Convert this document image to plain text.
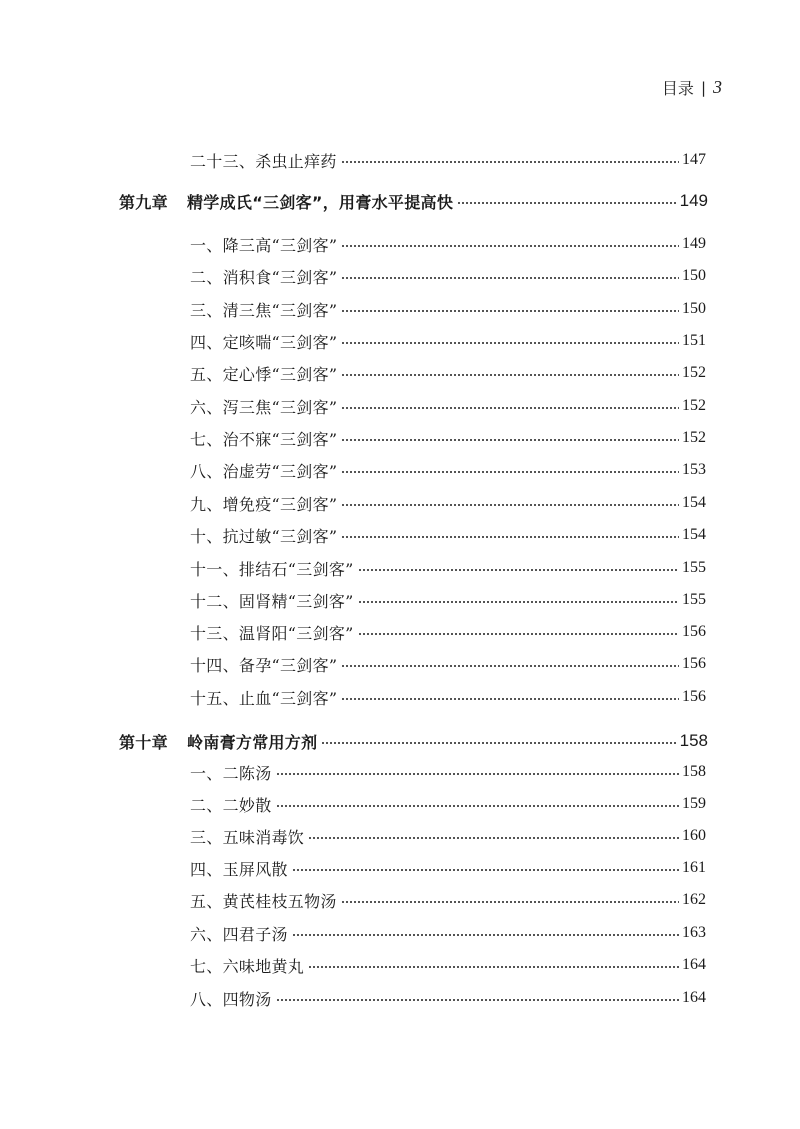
目录 | 3
二十三、杀虫止痒药	147
第九章 精学成氏“三剑客”，用膏水平提高快	149
一、降三高“三剑客”	149
二、消积食“三剑客”	150
三、清三焦“三剑客”	150
四、定咳喘“三剑客”	151
五、定心悸“三剑客”	152
六、泻三焦“三剑客”	152
七、治不寐“三剑客”	152
八、治虚劳“三剑客”	153
九、增免疫“三剑客”	154
十、抗过敏“三剑客”	154
十一、排结石“三剑客”	155
十二、固肾精“三剑客”	155
十三、温肾阳“三剑客”	156
十四、备孕“三剑客”	156
十五、止血“三剑客”	156
第十章 岭南膏方常用方剂	158
一、二陈汤	158
二、二妙散	159
三、五味消毒饮	160
四、玉屏风散	161
五、黄芪桂枝五物汤	162
六、四君子汤	163
七、六味地黄丸	164
八、四物汤	164
